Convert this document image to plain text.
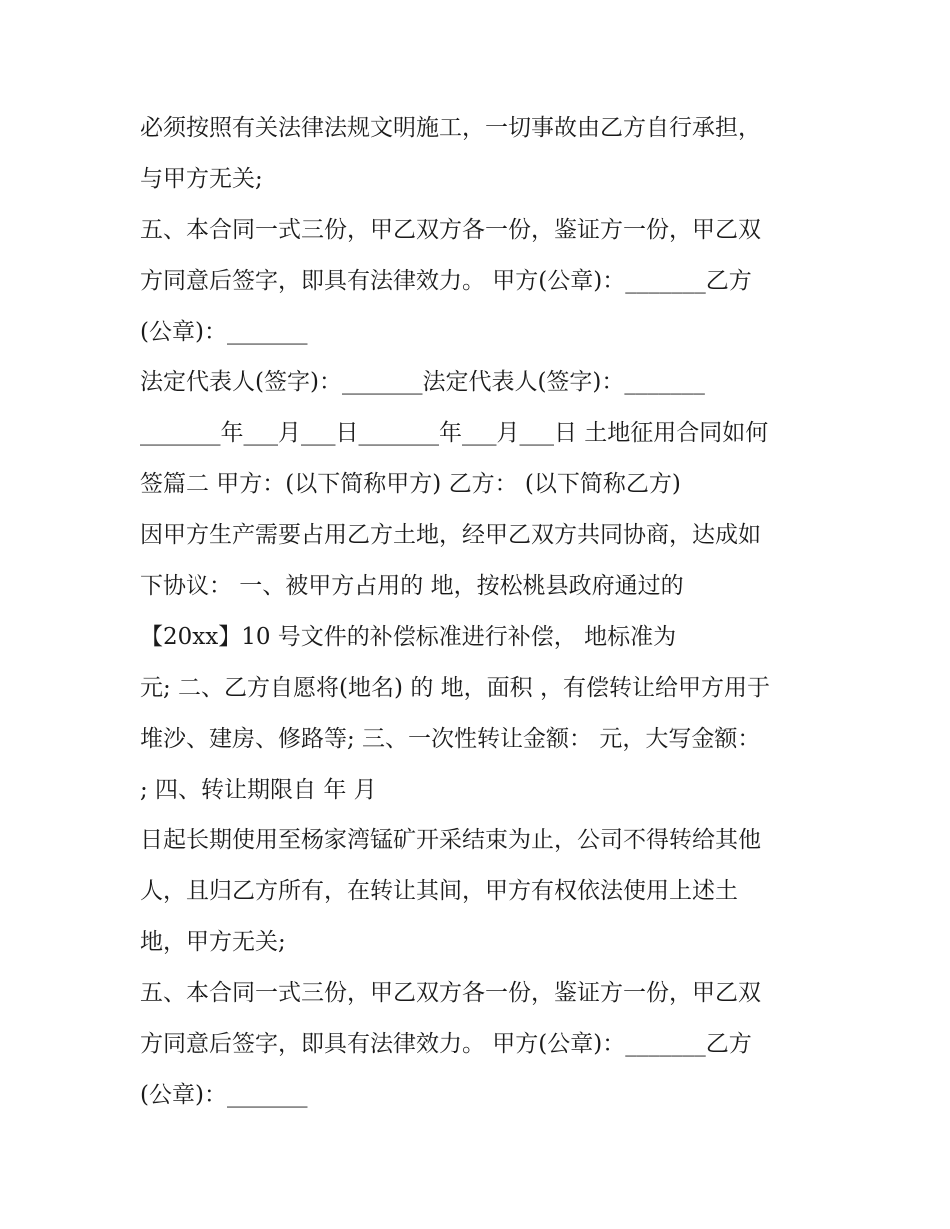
必须按照有关法律法规文明施工，一切事故由乙方自行承担，
与甲方无关;
五、本合同一式三份，甲乙双方各一份，鉴证方一份，甲乙双
方同意后签字，即具有法律效力。 甲方(公章)：_______乙方
(公章)：_______
法定代表人(签字)：_______法定代表人(签字)：_______
_______年___月___日_______年___月___日 土地征用合同如何
签篇二 甲方：(以下简称甲方) 乙方： (以下简称乙方)
因甲方生产需要占用乙方土地，经甲乙双方共同协商，达成如
下协议： 一、被甲方占用的 地，按松桃县政府通过的
【20xx】10 号文件的补偿标准进行补偿， 地标准为
元; 二、乙方自愿将(地名) 的 地，面积 ，有偿转让给甲方用于
堆沙、建房、修路等; 三、一次性转让金额： 元，大写金额：
; 四、转让期限自 年 月
日起长期使用至杨家湾锰矿开采结束为止，公司不得转给其他
人，且归乙方所有，在转让其间，甲方有权依法使用上述土
地，甲方无关;
五、本合同一式三份，甲乙双方各一份，鉴证方一份，甲乙双
方同意后签字，即具有法律效力。 甲方(公章)：_______乙方
(公章)：_______
